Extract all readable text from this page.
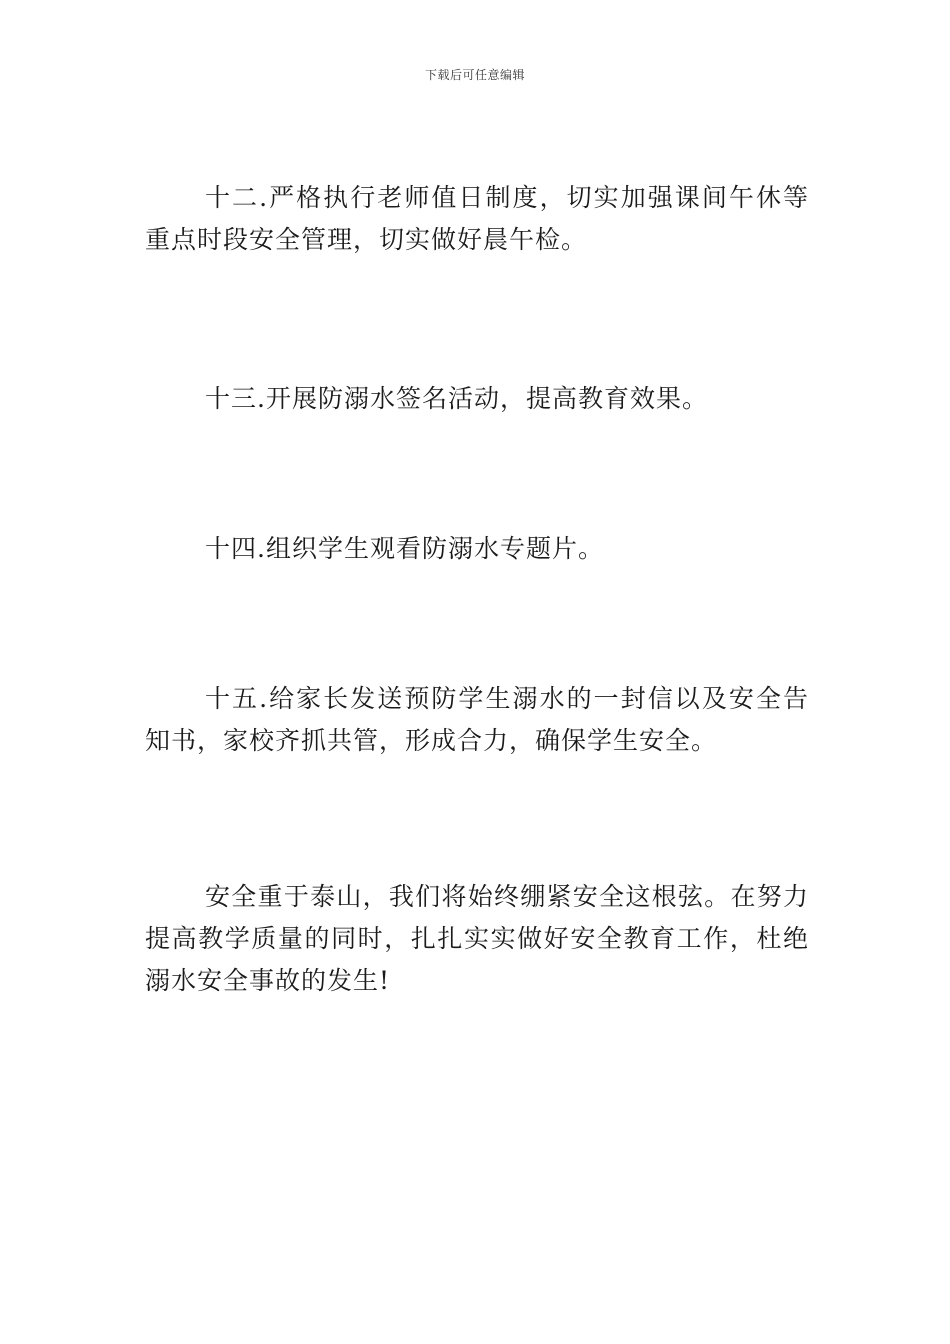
下载后可任意编辑

十二.严格执行老师值日制度，切实加强课间午休等重点时段安全管理，切实做好晨午检。

十三.开展防溺水签名活动，提高教育效果。

十四.组织学生观看防溺水专题片。

十五.给家长发送预防学生溺水的一封信以及安全告知书，家校齐抓共管，形成合力，确保学生安全。

安全重于泰山，我们将始终绷紧安全这根弦。在努力提高教学质量的同时，扎扎实实做好安全教育工作，杜绝溺水安全事故的发生!
